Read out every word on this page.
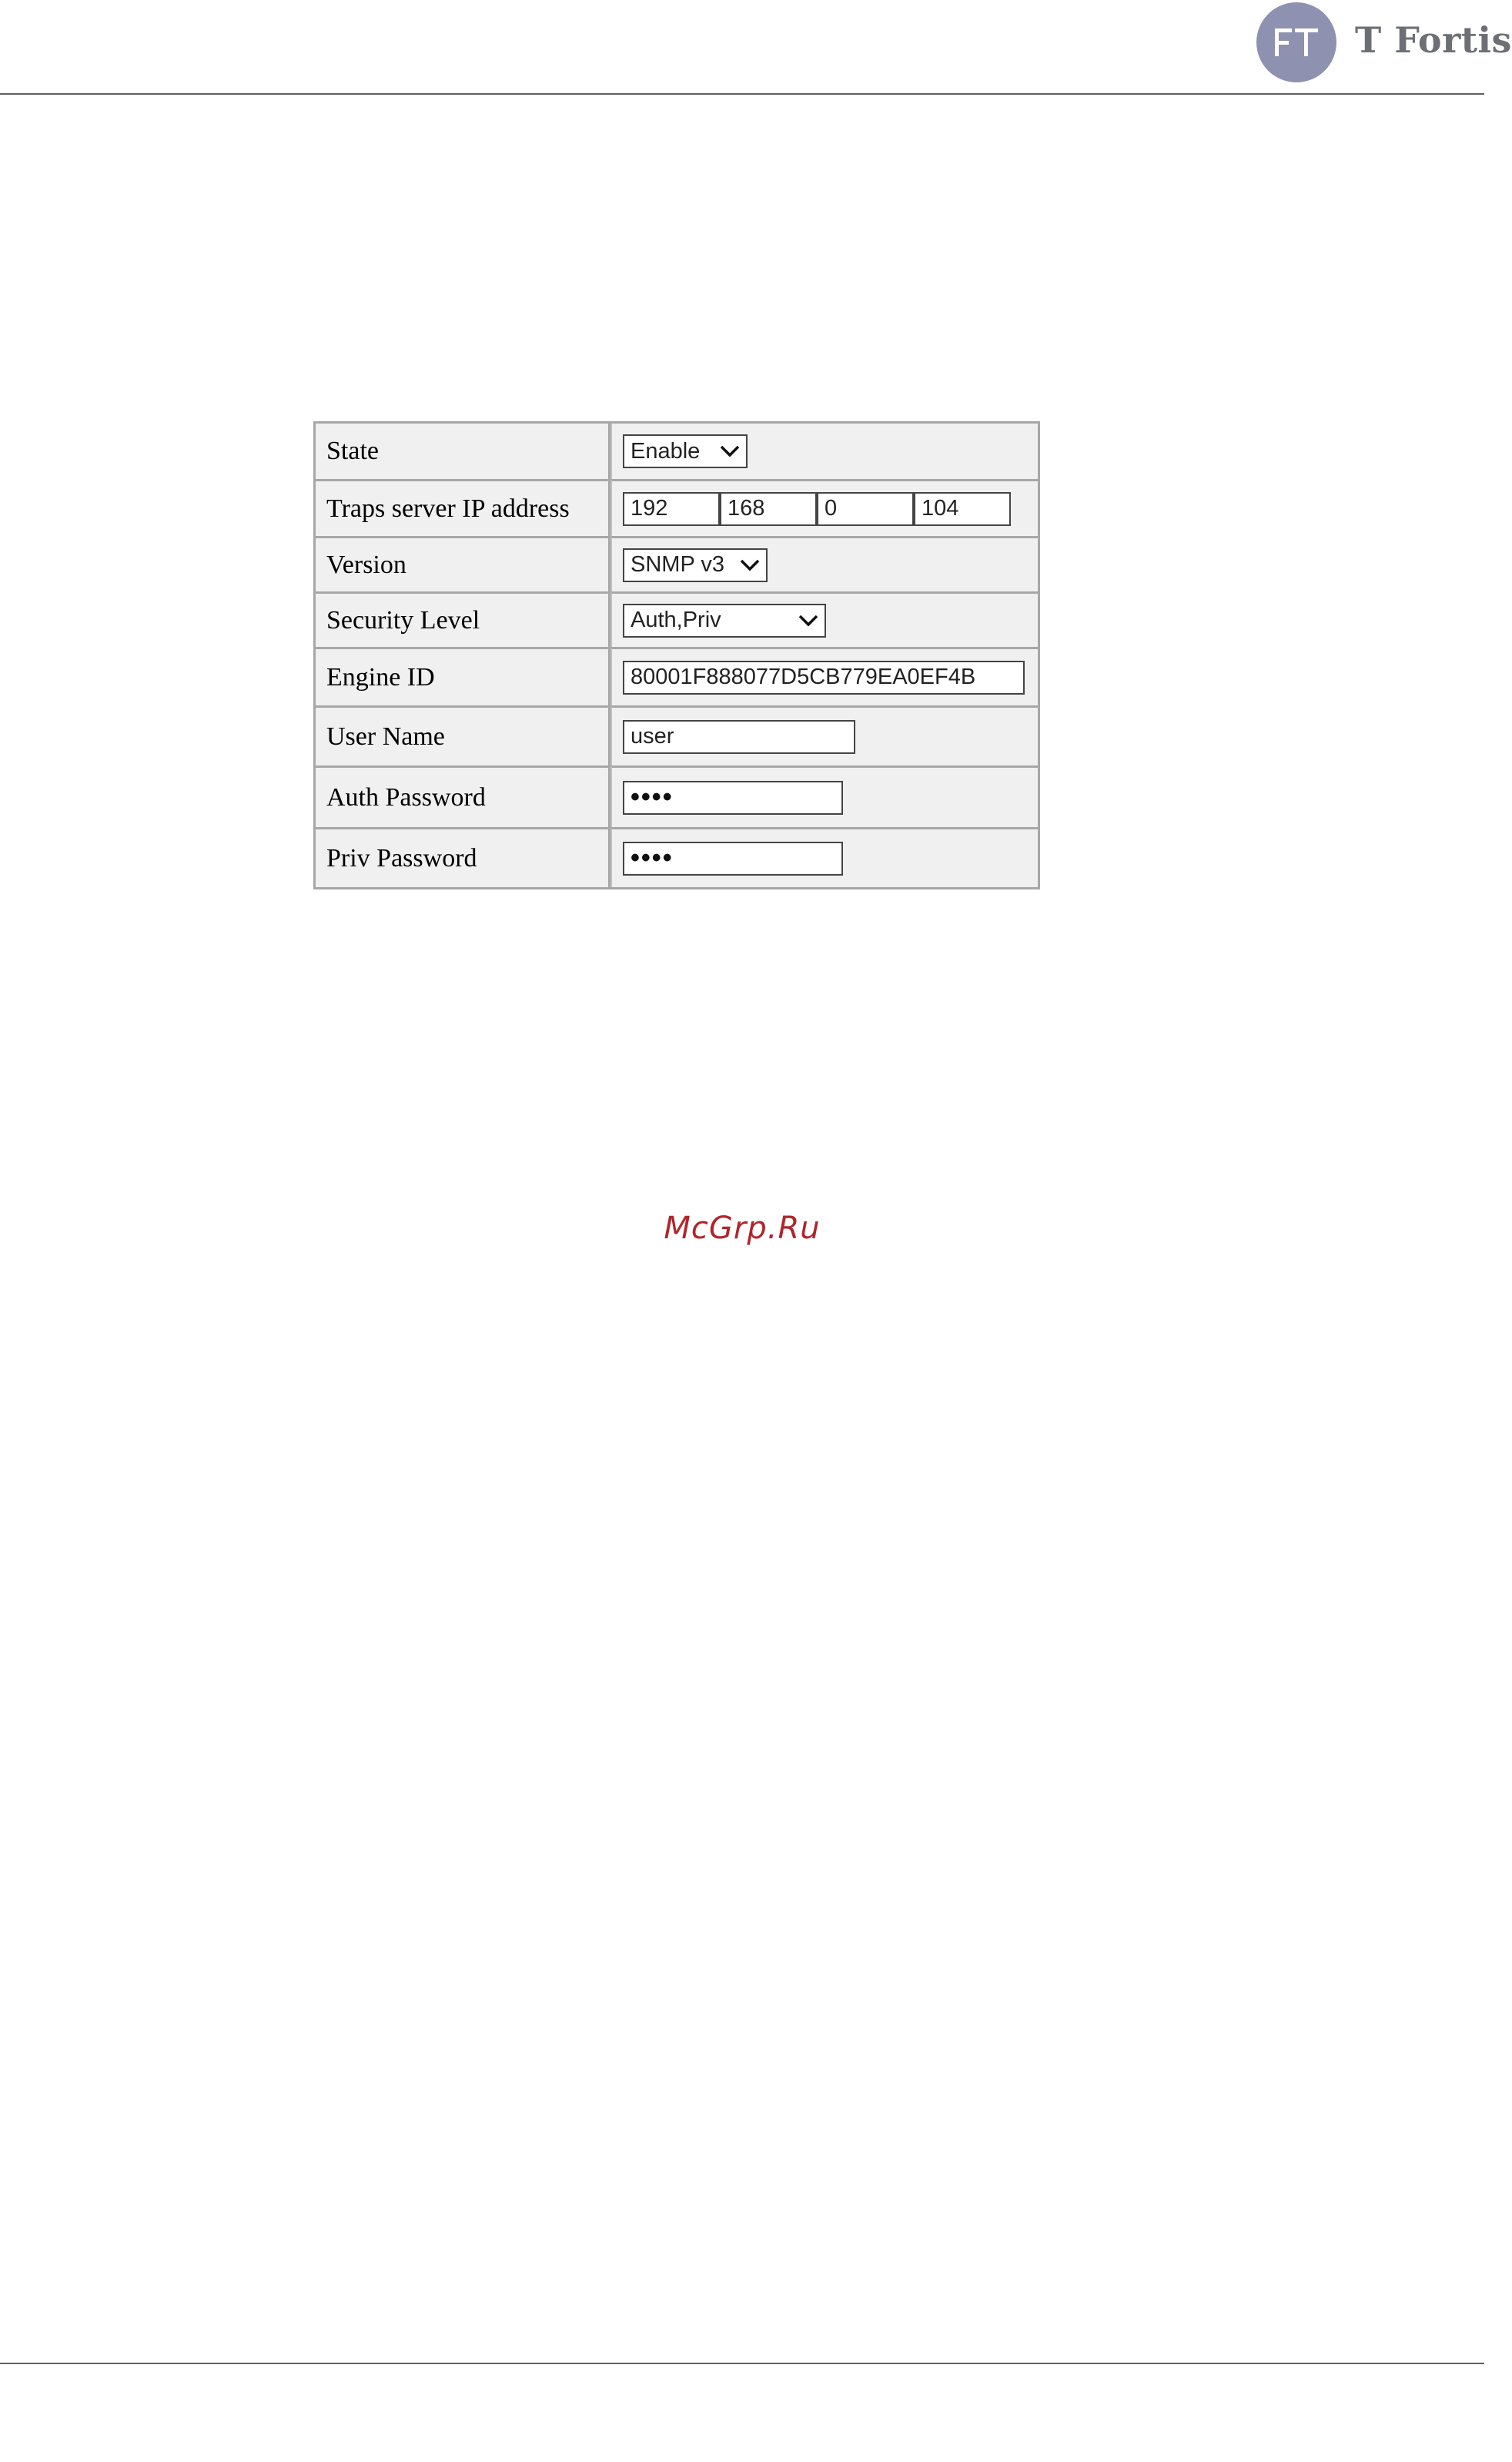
T Fortis
State	Enable

Traps server IP address	192 168 0 104

Version	SNMP v3

Security Level	Auth,Priv

Engine ID	80001F888077D5CB779EA0EF4B
User Name	user
Auth Password	••••
Priv Password	••••
McGrp.Ru
